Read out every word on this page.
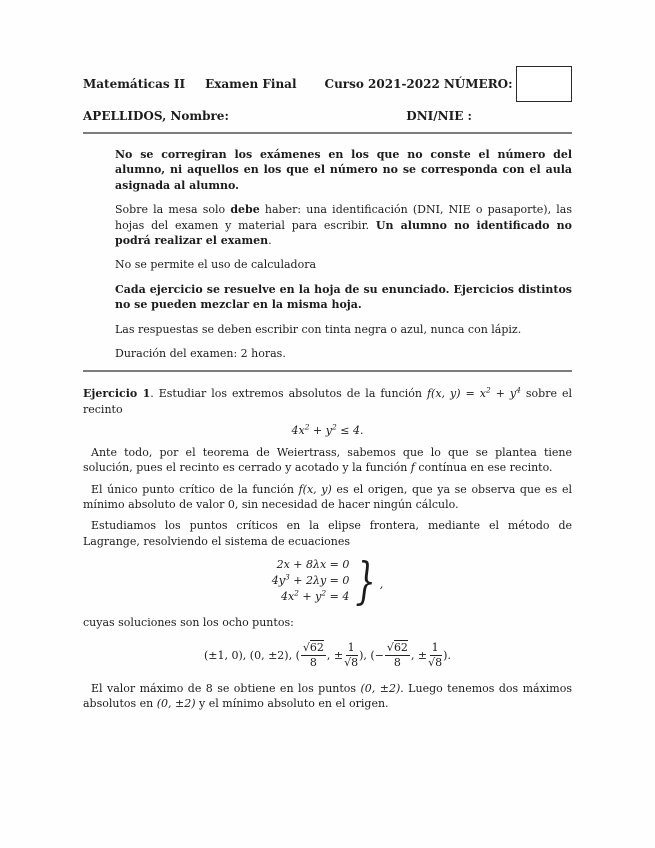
Matemáticas II Examen Final Curso 2021-2022 NÚMERO:
APELLIDOS, Nombre:	DNI/NIE :

No se corregiran los exámenes en los que no conste el número del alumno, ni aquellos en los que el número no se corresponda con el aula asignada al alumno.

Sobre la mesa solo debe haber: una identificación (DNI, NIE o pasaporte), las hojas del examen y material para escribir. Un alumno no identificado no podrá realizar el examen.

No se permite el uso de calculadora

Cada ejercicio se resuelve en la hoja de su enunciado. Ejercicios distintos no se pueden mezclar en la misma hoja.

Las respuestas se deben escribir con tinta negra o azul, nunca con lápiz.

Duración del examen: 2 horas.

Ejercicio 1. Estudiar los extremos absolutos de la función f(x, $y) = x^2 + y^4$ sobre el recinto

$4x^2 + y^2 \le 4$.

Ante todo, por el teorema de Weiertrass, sabemos que lo que se plantea tiene solución, pues el recinto es cerrado y acotado y la función f contínua en ese recinto.

El único punto crítico de la función f(x, y) es el origen, que ya se observa que es el mínimo absoluto de valor 0, sin necesidad de hacer ningún cálculo.

Estudiamos los puntos críticos en la elipse frontera, mediante el método de Lagrange, resolviendo el sistema de ecuaciones

2x + 8λx = 0
$4y^3 + 2\lambda y = 0$
$4x^2 + y^2 = 4$ } ,

cuyas soluciones son los ocho puntos:

(±1, 0), (0, ±2), ( $\frac{√62}{8}$ , ± $\frac{1}{√8}$ ), (− $\frac{√62}{8}$ , ± $\frac{1}{√8}$ ).

El valor máximo de 8 se obtiene en los puntos (0, ±2). Luego tenemos dos máximos absolutos en (0, ±2) y el mínimo absoluto en el origen.
